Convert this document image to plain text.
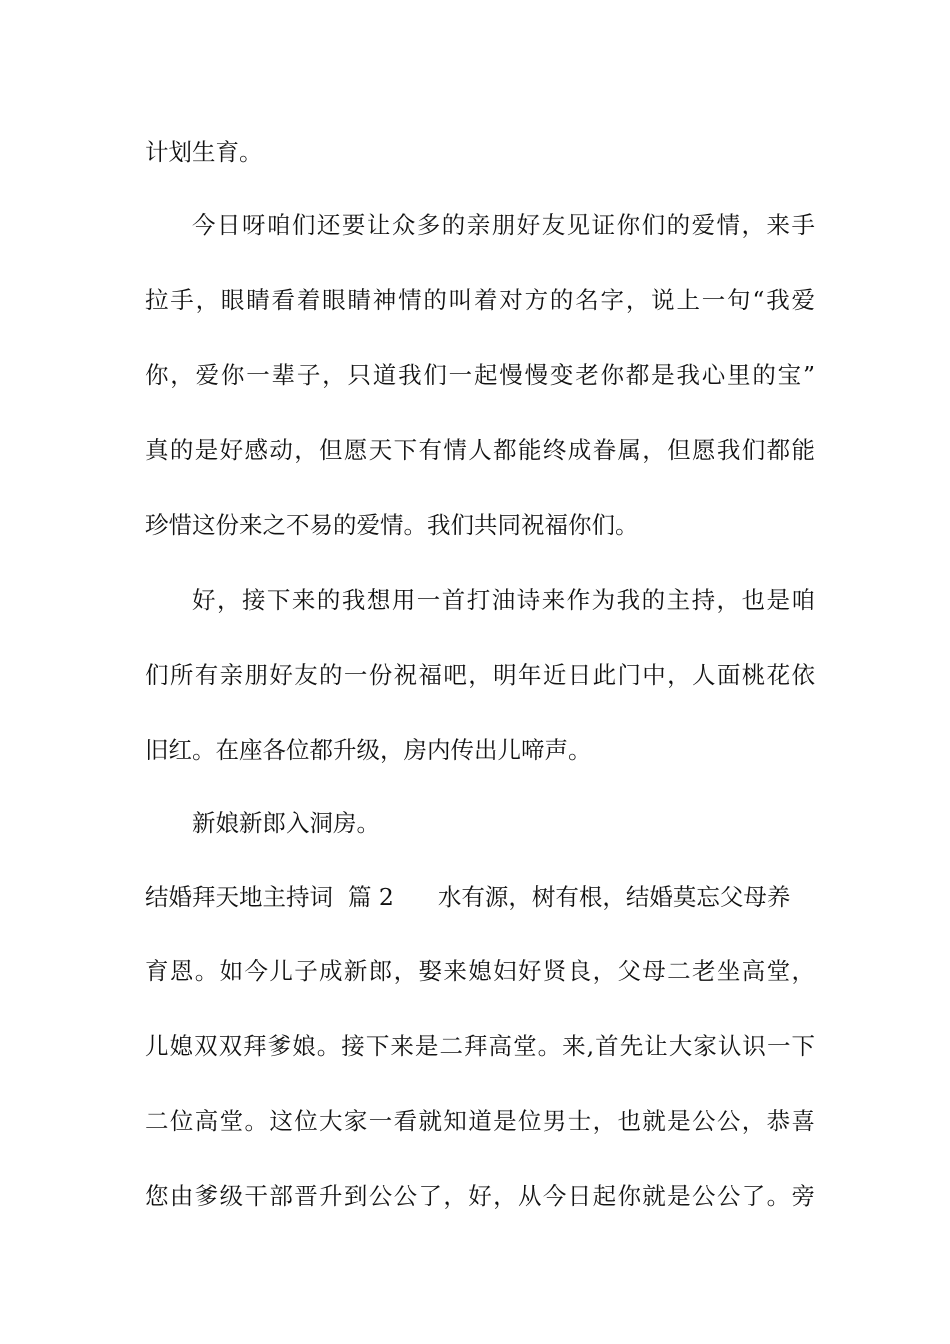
计划生育。

今日呀咱们还要让众多的亲朋好友见证你们的爱情，来手

拉手，眼睛看着眼睛神情的叫着对方的名字，说上一句“我爱

你，爱你一辈子，只道我们一起慢慢变老你都是我心里的宝”

真的是好感动，但愿天下有情人都能终成眷属，但愿我们都能

珍惜这份来之不易的爱情。我们共同祝福你们。

好，接下来的我想用一首打油诗来作为我的主持，也是咱

们所有亲朋好友的一份祝福吧，明年近日此门中，人面桃花依

旧红。在座各位都升级，房内传出儿啼声。

新娘新郎入洞房。

结婚拜天地主持词 篇 2 水有源，树有根，结婚莫忘父母养

育恩。如今儿子成新郎，娶来媳妇好贤良，父母二老坐高堂，

儿媳双双拜爹娘。接下来是二拜高堂。来,首先让大家认识一下

二位高堂。这位大家一看就知道是位男士，也就是公公，恭喜

您由爹级干部晋升到公公了，好，从今日起你就是公公了。旁
